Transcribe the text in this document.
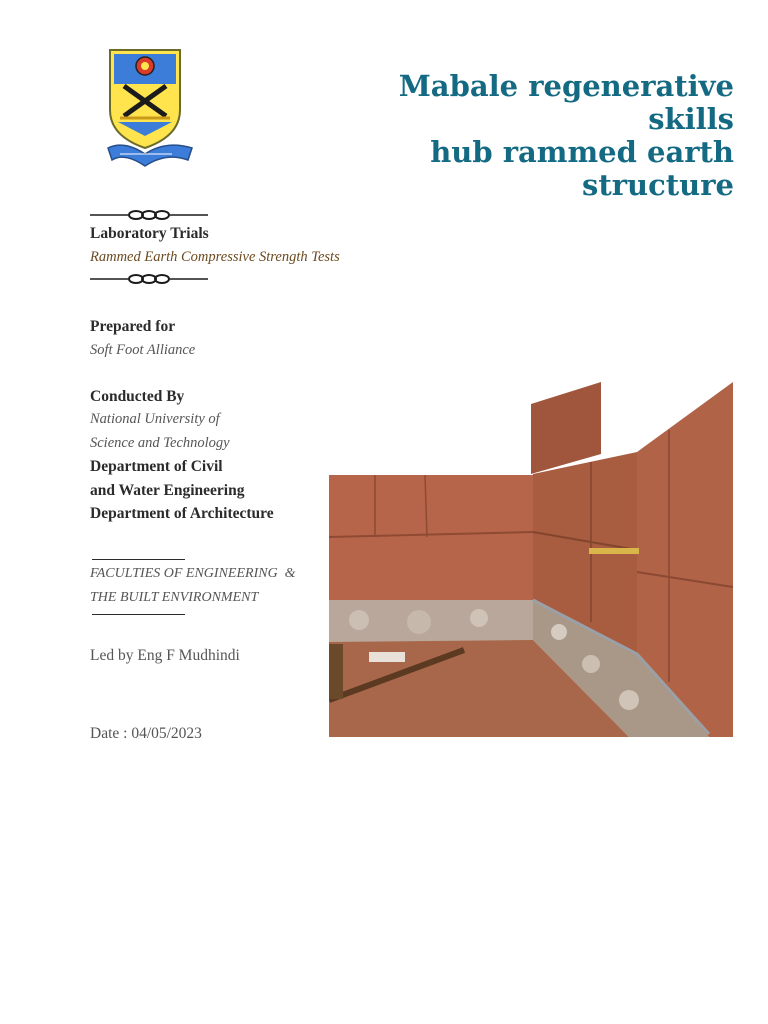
Mabale regenerative skills
hub rammed earth
structure
Laboratory Trials
Rammed Earth Compressive Strength Tests
Prepared for
Soft Foot Alliance
Conducted By
National University of
Science and Technology
Department of Civil
and Water Engineering
Department of Architecture
FACULTIES OF ENGINEERING  &
THE BUILT ENVIRONMENT
Led by Eng F Mudhindi
Date : 04/05/2023
